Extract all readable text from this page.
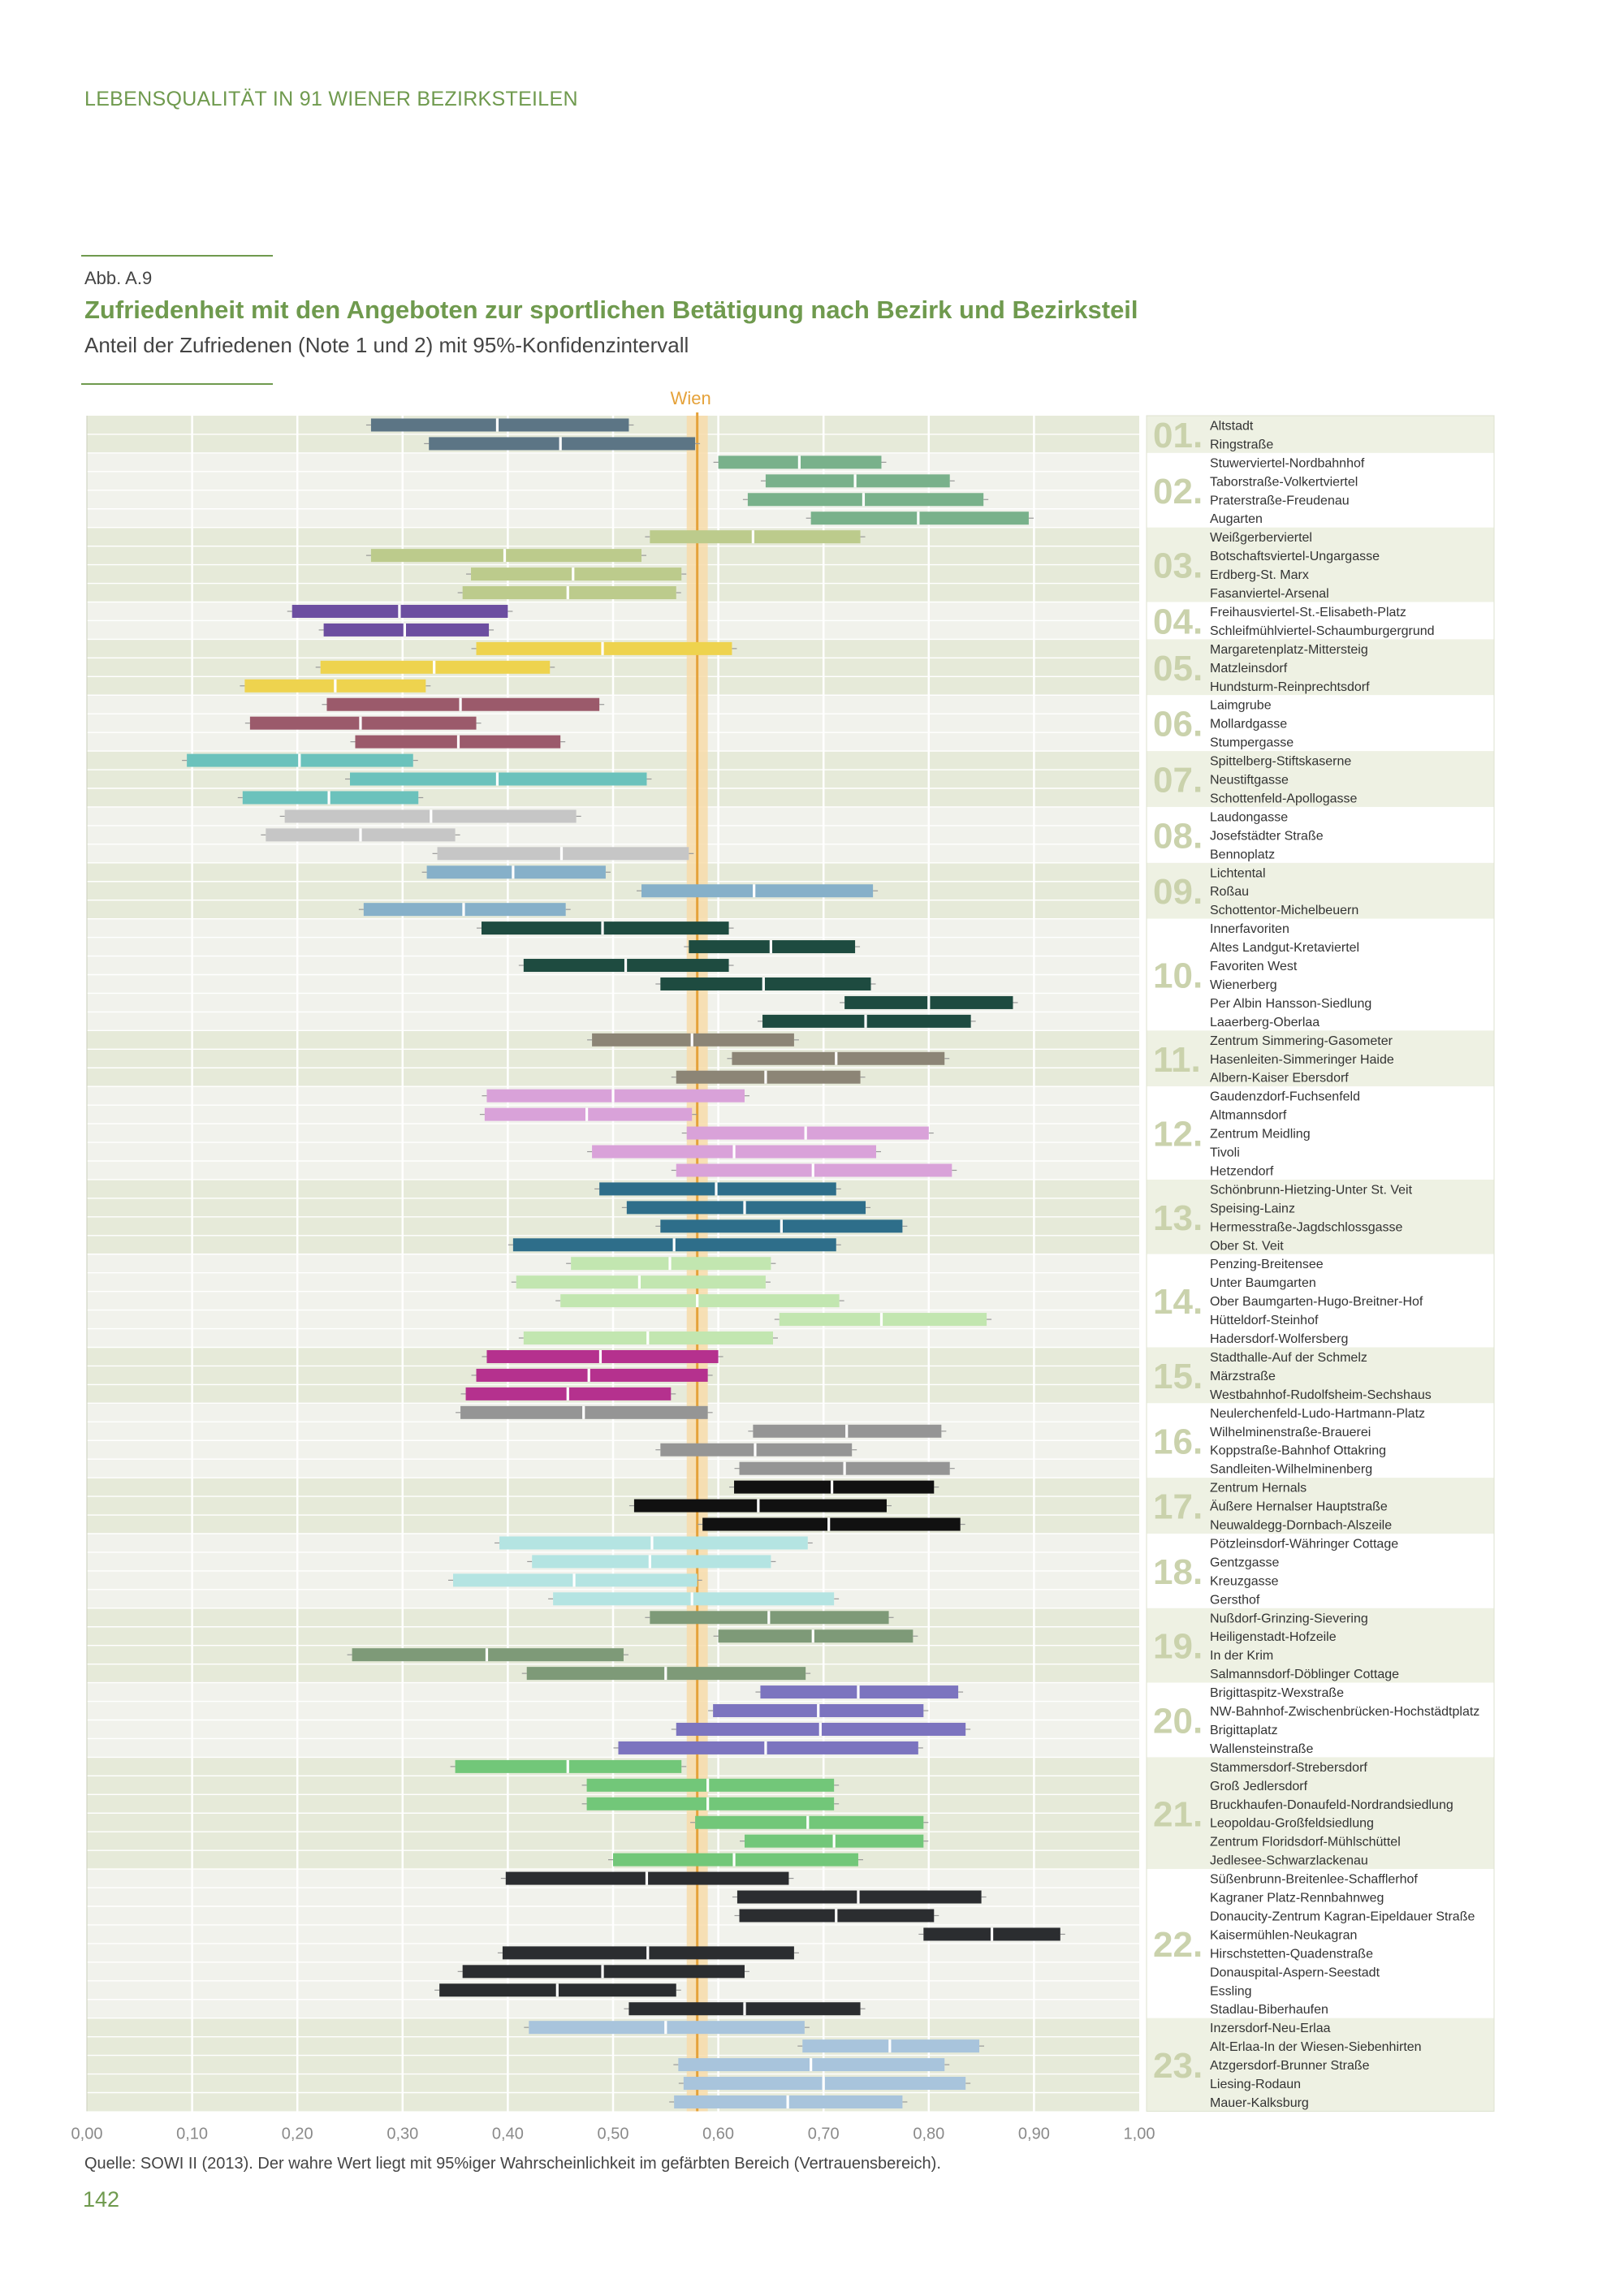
LEBENSQUALITÄT IN 91 WIENER BEZIRKSTEILEN
Abb. A.9
Zufriedenheit mit den Angeboten zur sportlichen Betätigung nach Bezirk und Bezirksteil
Anteil der Zufriedenen (Note 1 und 2) mit 95%-Konfidenzintervall
Wien
Altstadt
Ringstraße
Stuwerviertel-Nordbahnhof
Taborstraße-Volkertviertel
Praterstraße-Freudenau
Augarten
Weißgerberviertel
Botschaftsviertel-Ungargasse
Erdberg-St. Marx
Fasanviertel-Arsenal
Freihausviertel-St.-Elisabeth-Platz
Schleifmühlviertel-Schaumburgergrund
Margaretenplatz-Mittersteig
Matzleinsdorf
Hundsturm-Reinprechtsdorf
Laimgrube
Mollardgasse
Stumpergasse
Spittelberg-Stiftskaserne
Neustiftgasse
Schottenfeld-Apollogasse
Laudongasse
Josefstädter Straße
Bennoplatz
Lichtental
Roßau
Schottentor-Michelbeuern
Innerfavoriten
Altes Landgut-Kretaviertel
Favoriten West
Wienerberg
Per Albin Hansson-Siedlung
Laaerberg-Oberlaa
Zentrum Simmering-Gasometer
Hasenleiten-Simmeringer Haide
Albern-Kaiser Ebersdorf
Gaudenzdorf-Fuchsenfeld
Altmannsdorf
Zentrum Meidling
Tivoli
Hetzendorf
Schönbrunn-Hietzing-Unter St. Veit
Speising-Lainz
Hermesstraße-Jagdschlossgasse
Ober St. Veit
Penzing-Breitensee
Unter Baumgarten
Ober Baumgarten-Hugo-Breitner-Hof
Hütteldorf-Steinhof
Hadersdorf-Wolfersberg
Stadthalle-Auf der Schmelz
Märzstraße
Westbahnhof-Rudolfsheim-Sechshaus
Neulerchenfeld-Ludo-Hartmann-Platz
Wilhelminenstraße-Brauerei
Koppstraße-Bahnhof Ottakring
Sandleiten-Wilhelminenberg
Zentrum Hernals
Äußere Hernalser Hauptstraße
Neuwaldegg-Dornbach-Alszeile
Pötzleinsdorf-Währinger Cottage
Gentzgasse
Kreuzgasse
Gersthof
Nußdorf-Grinzing-Sievering
Heiligenstadt-Hofzeile
In der Krim
Salmannsdorf-Döblinger Cottage
Brigittaspitz-Wexstraße
NW-Bahnhof-Zwischenbrücken-Hochstädtplatz
Brigittaplatz
Wallensteinstraße
Stammersdorf-Strebersdorf
Groß Jedlersdorf
Bruckhaufen-Donaufeld-Nordrandsiedlung
Leopoldau-Großfeldsiedlung
Zentrum Floridsdorf-Mühlschüttel
Jedlesee-Schwarzlackenau
Süßenbrunn-Breitenlee-Schafflerhof
Kagraner Platz-Rennbahnweg
Donaucity-Zentrum Kagran-Eipeldauer Straße
Kaisermühlen-Neukagran
Hirschstetten-Quadenstraße
Donauspital-Aspern-Seestadt
Essling
Stadlau-Biberhaufen
Inzersdorf-Neu-Erlaa
Alt-Erlaa-In der Wiesen-Siebenhirten
Atzgersdorf-Brunner Straße
Liesing-Rodaun
Mauer-Kalksburg
01.
02.
03.
04.
05.
06.
07.
08.
09.
10.
11.
12.
13.
14.
15.
16.
17.
18.
19.
20.
21.
22.
23.
0,00	0,10	0,20	0,30	0,40	0,50	0,60	0,70	0,80	0,90	1,00
Quelle: SOWI II (2013). Der wahre Wert liegt mit 95%iger Wahrscheinlichkeit im gefärbten Bereich (Vertrauensbereich).
142
